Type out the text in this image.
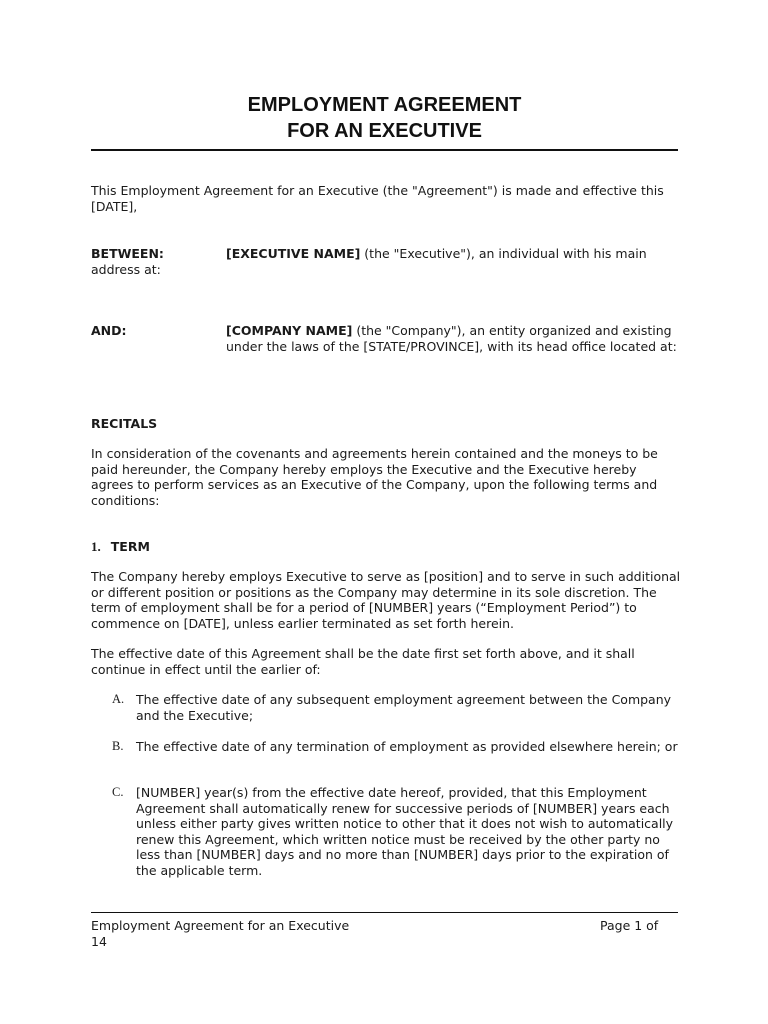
EMPLOYMENT AGREEMENT
FOR AN EXECUTIVE
This Employment Agreement for an Executive (the "Agreement") is made and effective this [DATE],
BETWEEN:	[EXECUTIVE NAME] (the "Executive"), an individual with his main address at:
AND:	[COMPANY NAME] (the "Company"), an entity organized and existing under the laws of the [STATE/PROVINCE], with its head office located at:
RECITALS
In consideration of the covenants and agreements herein contained and the moneys to be paid hereunder, the Company hereby employs the Executive and the Executive hereby agrees to perform services as an Executive of the Company, upon the following terms and conditions:
1. TERM
The Company hereby employs Executive to serve as [position] and to serve in such additional or different position or positions as the Company may determine in its sole discretion. The term of employment shall be for a period of [NUMBER] years (“Employment Period”) to commence on [DATE], unless earlier terminated as set forth herein.
The effective date of this Agreement shall be the date first set forth above, and it shall continue in effect until the earlier of:
A. The effective date of any subsequent employment agreement between the Company and the Executive;
B. The effective date of any termination of employment as provided elsewhere herein; or
C. [NUMBER] year(s) from the effective date hereof, provided, that this Employment Agreement shall automatically renew for successive periods of [NUMBER] years each unless either party gives written notice to other that it does not wish to automatically renew this Agreement, which written notice must be received by the other party no less than [NUMBER] days and no more than [NUMBER] days prior to the expiration of the applicable term.
Employment Agreement for an Executive	Page 1 of
14
